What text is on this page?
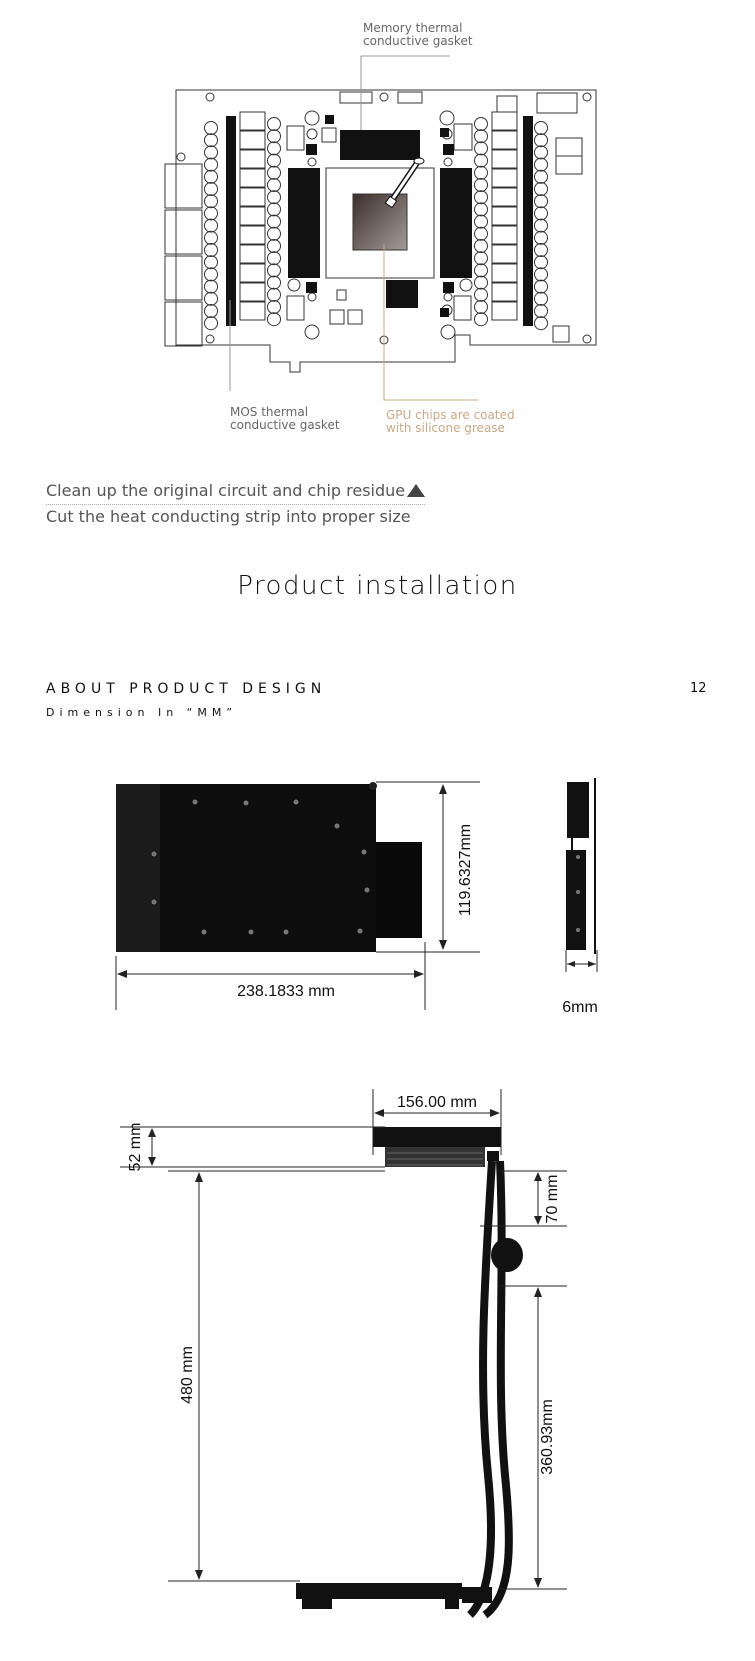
Memory thermal
conductive gasket
MOS thermal
conductive gasket
GPU chips are coated
with silicone grease
Clean up the original circuit and chip residue
Cut the heat conducting strip into proper size
Product installation
ABOUT PRODUCT DESIGN
Dimension In “MM”
12
119.6327mm
238.1833 mm
6mm
156.00 mm
52 mm
480 mm
70 mm
360.93mm
